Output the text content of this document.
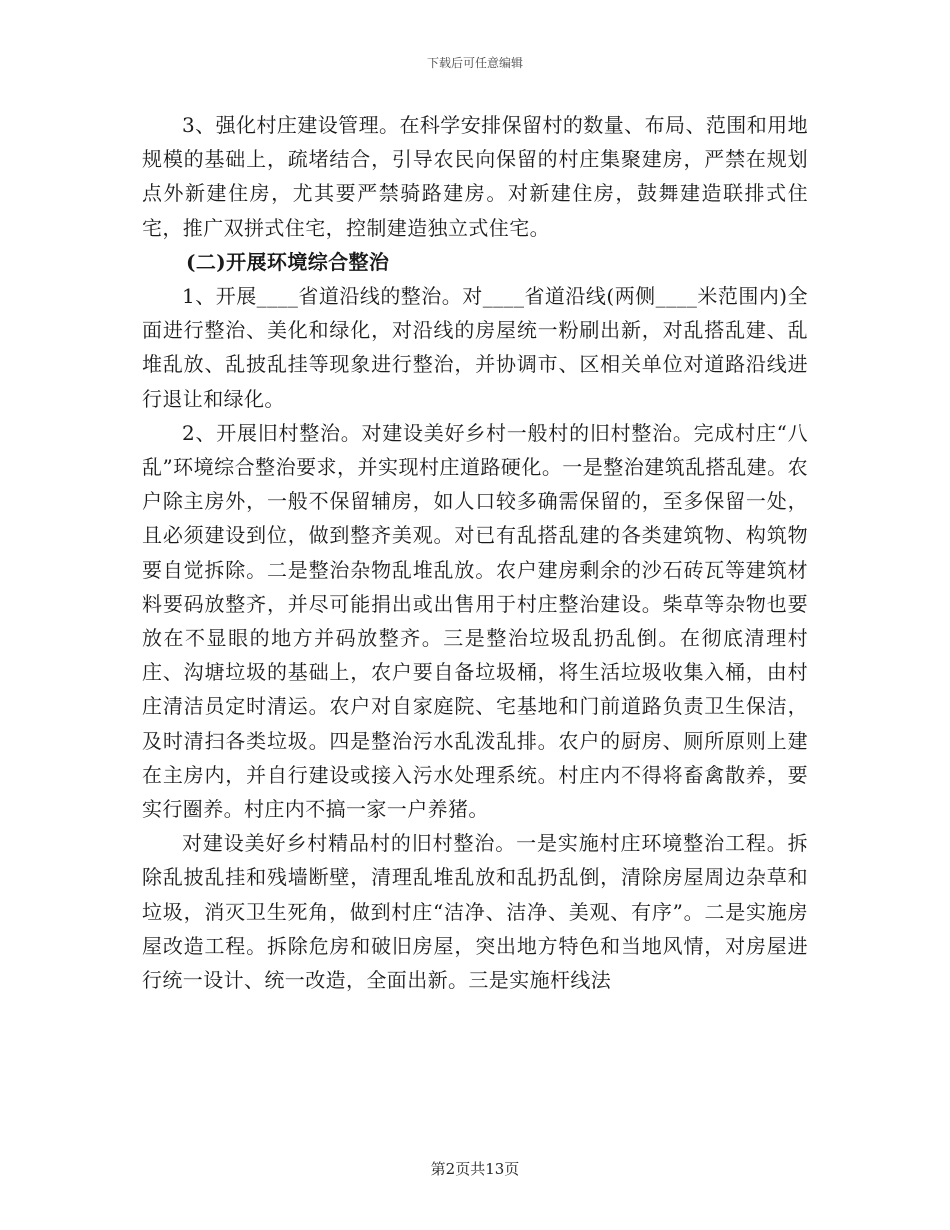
下载后可任意编辑

3、强化村庄建设管理。在科学安排保留村的数量、布局、范围和用地规模的基础上，疏堵结合，引导农民向保留的村庄集聚建房，严禁在规划点外新建住房，尤其要严禁骑路建房。对新建住房，鼓舞建造联排式住宅，推广双拼式住宅，控制建造独立式住宅。

(二)开展环境综合整治

1、开展____省道沿线的整治。对____省道沿线(两侧____米范围内)全面进行整治、美化和绿化，对沿线的房屋统一粉刷出新，对乱搭乱建、乱堆乱放、乱披乱挂等现象进行整治，并协调市、区相关单位对道路沿线进行退让和绿化。

2、开展旧村整治。对建设美好乡村一般村的旧村整治。完成村庄“八乱”环境综合整治要求，并实现村庄道路硬化。一是整治建筑乱搭乱建。农户除主房外，一般不保留辅房，如人口较多确需保留的，至多保留一处，且必须建设到位，做到整齐美观。对已有乱搭乱建的各类建筑物、构筑物要自觉拆除。二是整治杂物乱堆乱放。农户建房剩余的沙石砖瓦等建筑材料要码放整齐，并尽可能捐出或出售用于村庄整治建设。柴草等杂物也要放在不显眼的地方并码放整齐。三是整治垃圾乱扔乱倒。在彻底清理村庄、沟塘垃圾的基础上，农户要自备垃圾桶，将生活垃圾收集入桶，由村庄清洁员定时清运。农户对自家庭院、宅基地和门前道路负责卫生保洁，及时清扫各类垃圾。四是整治污水乱泼乱排。农户的厨房、厕所原则上建在主房内，并自行建设或接入污水处理系统。村庄内不得将畜禽散养，要实行圈养。村庄内不搞一家一户养猪。

对建设美好乡村精品村的旧村整治。一是实施村庄环境整治工程。拆除乱披乱挂和残墙断壁，清理乱堆乱放和乱扔乱倒，清除房屋周边杂草和垃圾，消灭卫生死角，做到村庄“洁净、洁净、美观、有序”。二是实施房屋改造工程。拆除危房和破旧房屋，突出地方特色和当地风情，对房屋进行统一设计、统一改造，全面出新。三是实施杆线法

第2页共13页
